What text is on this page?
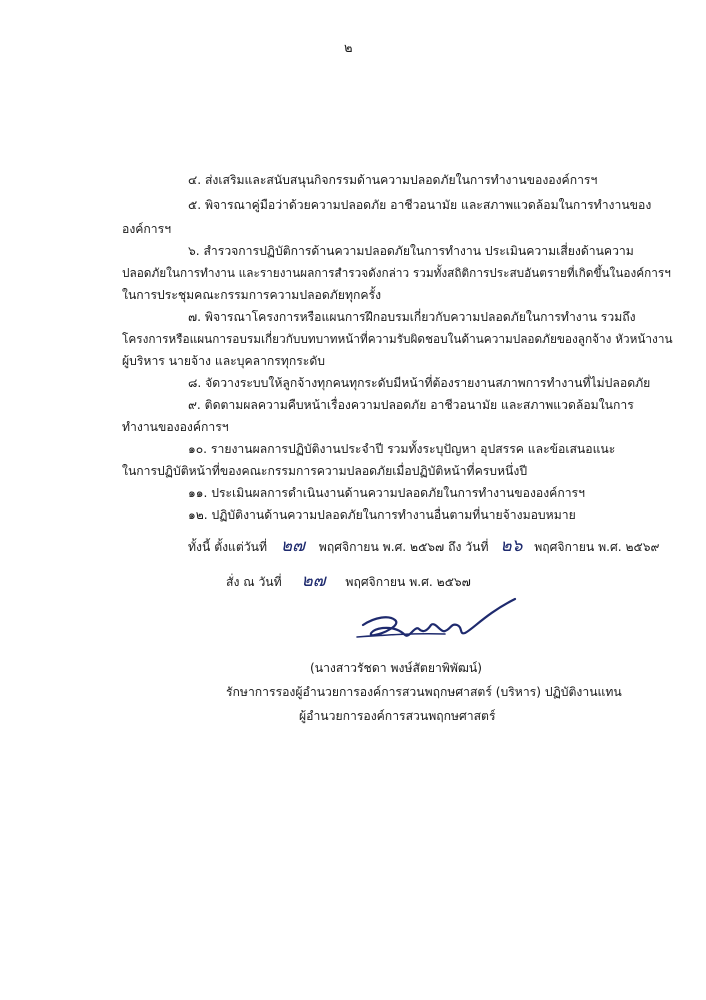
๒
๔. ส่งเสริมและสนับสนุนกิจกรรมด้านความปลอดภัยในการทำงานขององค์การฯ
๕. พิจารณาคู่มือว่าด้วยความปลอดภัย อาชีวอนามัย และสภาพแวดล้อมในการทำงานของ
องค์การฯ
๖. สำรวจการปฏิบัติการด้านความปลอดภัยในการทำงาน ประเมินความเสี่ยงด้านความ
ปลอดภัยในการทำงาน และรายงานผลการสำรวจดังกล่าว รวมทั้งสถิติการประสบอันตรายที่เกิดขึ้นในองค์การฯ
ในการประชุมคณะกรรมการความปลอดภัยทุกครั้ง
๗. พิจารณาโครงการหรือแผนการฝึกอบรมเกี่ยวกับความปลอดภัยในการทำงาน รวมถึง
โครงการหรือแผนการอบรมเกี่ยวกับบทบาทหน้าที่ความรับผิดชอบในด้านความปลอดภัยของลูกจ้าง หัวหน้างาน
ผู้บริหาร นายจ้าง และบุคลากรทุกระดับ
๘. จัดวางระบบให้ลูกจ้างทุกคนทุกระดับมีหน้าที่ต้องรายงานสภาพการทำงานที่ไม่ปลอดภัย
๙. ติดตามผลความคืบหน้าเรื่องความปลอดภัย อาชีวอนามัย และสภาพแวดล้อมในการ
ทำงานขององค์การฯ
๑๐. รายงานผลการปฏิบัติงานประจำปี รวมทั้งระบุปัญหา อุปสรรค และข้อเสนอแนะ
ในการปฏิบัติหน้าที่ของคณะกรรมการความปลอดภัยเมื่อปฏิบัติหน้าที่ครบหนึ่งปี
๑๑. ประเมินผลการดำเนินงานด้านความปลอดภัยในการทำงานขององค์การฯ
๑๒. ปฏิบัติงานด้านความปลอดภัยในการทำงานอื่นตามที่นายจ้างมอบหมาย
ทั้งนี้ ตั้งแต่วันที่ ๒๗ พฤศจิกายน พ.ศ. ๒๕๖๗ ถึง วันที่ ๒๖ พฤศจิกายน พ.ศ. ๒๕๖๙
สั่ง ณ วันที่ ๒๗ พฤศจิกายน พ.ศ. ๒๕๖๗
(นางสาวรัชดา พงษ์สัตยาพิพัฒน์)
รักษาการรองผู้อำนวยการองค์การสวนพฤกษศาสตร์ (บริหาร) ปฏิบัติงานแทน
ผู้อำนวยการองค์การสวนพฤกษศาสตร์
